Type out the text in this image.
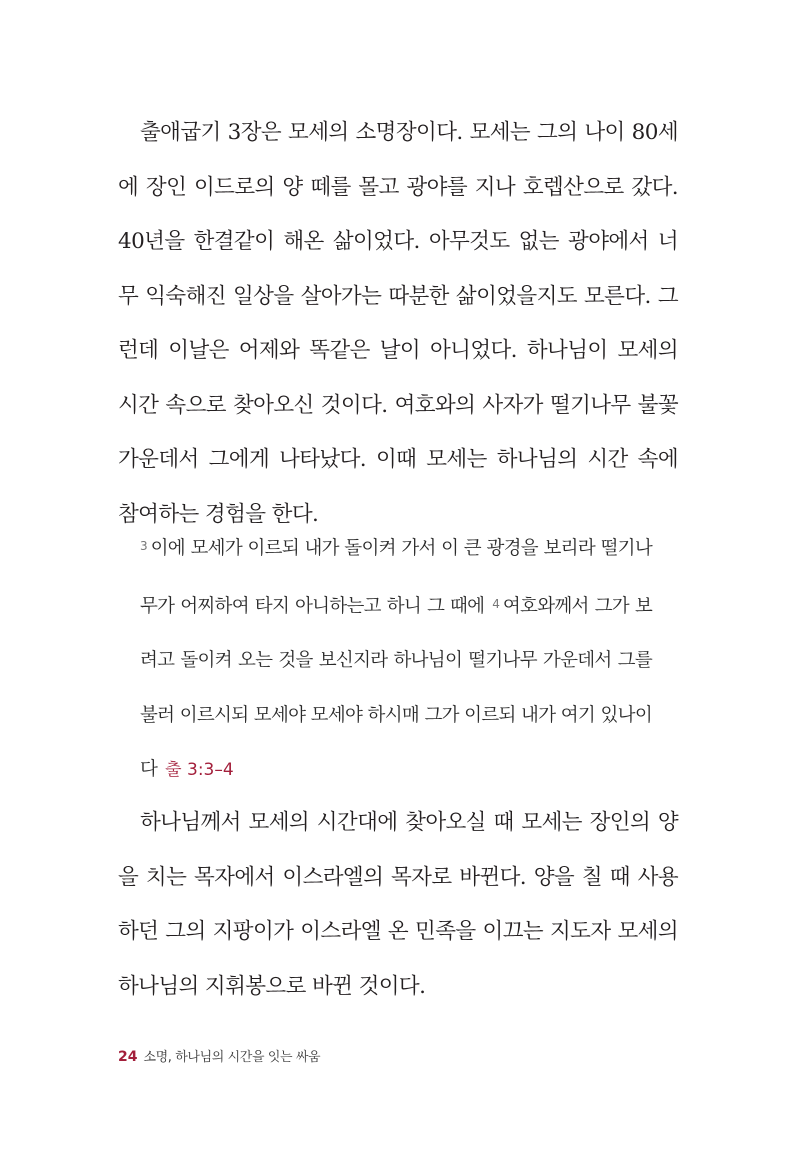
출애굽기 3장은 모세의 소명장이다. 모세는 그의 나이 80세에 장인 이드로의 양 떼를 몰고 광야를 지나 호렙산으로 갔다. 40년을 한결같이 해온 삶이었다. 아무것도 없는 광야에서 너무 익숙해진 일상을 살아가는 따분한 삶이었을지도 모른다. 그런데 이날은 어제와 똑같은 날이 아니었다. 하나님이 모세의 시간 속으로 찾아오신 것이다. 여호와의 사자가 떨기나무 불꽃 가운데서 그에게 나타났다. 이때 모세는 하나님의 시간 속에 참여하는 경험을 한다.

$^3$ 이에 모세가 이르되 내가 돌이켜 가서 이 큰 광경을 보리라 떨기나무가 어찌하여 타지 아니하는고 하니 그 때에 $^4$ 여호와께서 그가 보려고 돌이켜 오는 것을 보신지라 하나님이 떨기나무 가운데서 그를 불러 이르시되 모세야 모세야 하시매 그가 이르되 내가 여기 있나이다 출 3:3–4

하나님께서 모세의 시간대에 찾아오실 때 모세는 장인의 양을 치는 목자에서 이스라엘의 목자로 바뀐다. 양을 칠 때 사용하던 그의 지팡이가 이스라엘 온 민족을 이끄는 지도자 모세의 하나님의 지휘봉으로 바뀐 것이다.

24 소명, 하나님의 시간을 잇는 싸움
